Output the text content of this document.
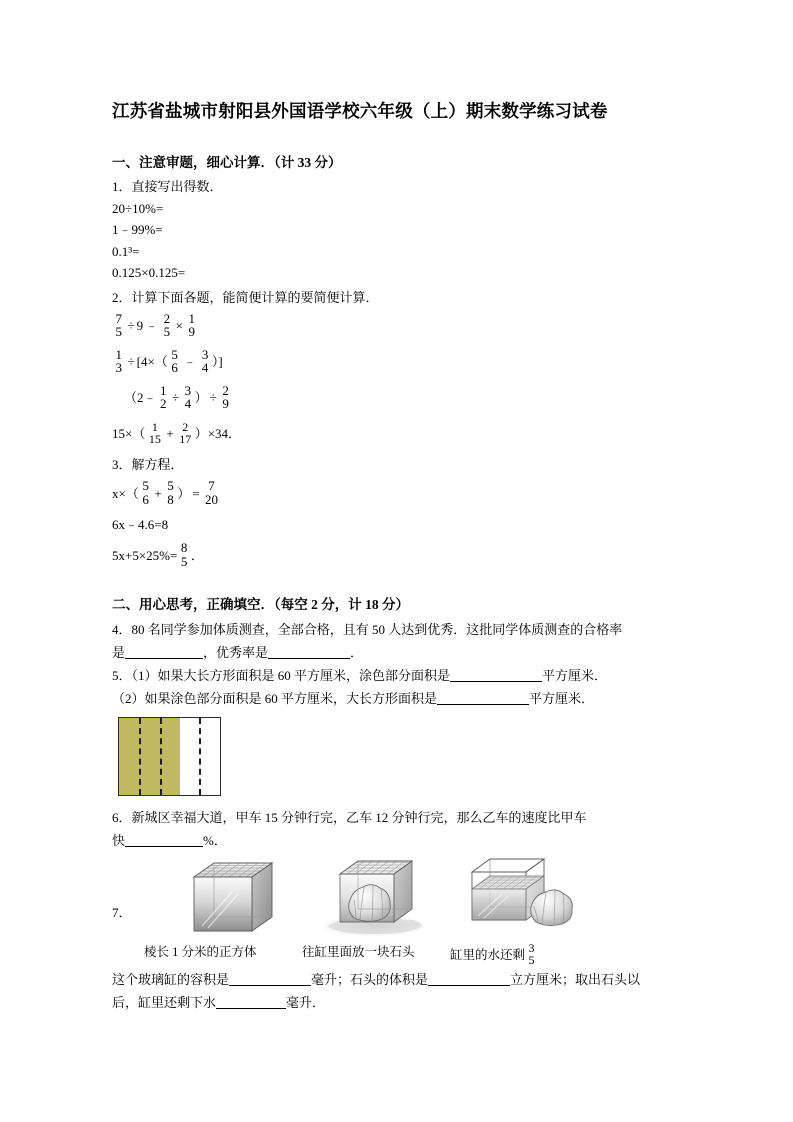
江苏省盐城市射阳县外国语学校六年级（上）期末数学练习试卷
一、注意审题，细心计算．（计 33 分）
1．直接写出得数．
20÷10%=
1﹣99%=
0.1³=
0.125×0.125=
2．计算下面各题，能简便计算的要简便计算．
7
5 ÷ 9 ﹣ 2
5 × 1
9
1
3 ÷ [4×（ 5
6 ﹣ 3
4 ）]
（2﹣ 1
2 ÷ 3
4 ） ÷ 2
9
15×（ 1
15 + 2
17 ） ×34．
3．解方程．
x×（ 5
6 + 5
8 ） = 7
20
6x﹣4.6=8
5x+5×25%= 8
5 ．
二、用心思考，正确填空．（每空 2 分，计 18 分）
4．80 名同学参加体质测查，全部合格，且有 50 人达到优秀．这批同学体质测查的合格率
是	，优秀率是	．
5．（1）如果大长方形面积是 60 平方厘米，涂色部分面积是	平方厘米．
（2）如果涂色部分面积是 60 平方厘米，大长方形面积是	平方厘米．
6．新城区幸福大道，甲车 15 分钟行完，乙车 12 分钟行完，那么乙车的速度比甲车
快	%．
7．
棱长 1 分米的正方体	往缸里面放一块石头	缸里的水还剩
3
5
这个玻璃缸的容积是	毫升；石头的体积是	立方厘米；取出石头以
后，缸里还剩下水	毫升．
